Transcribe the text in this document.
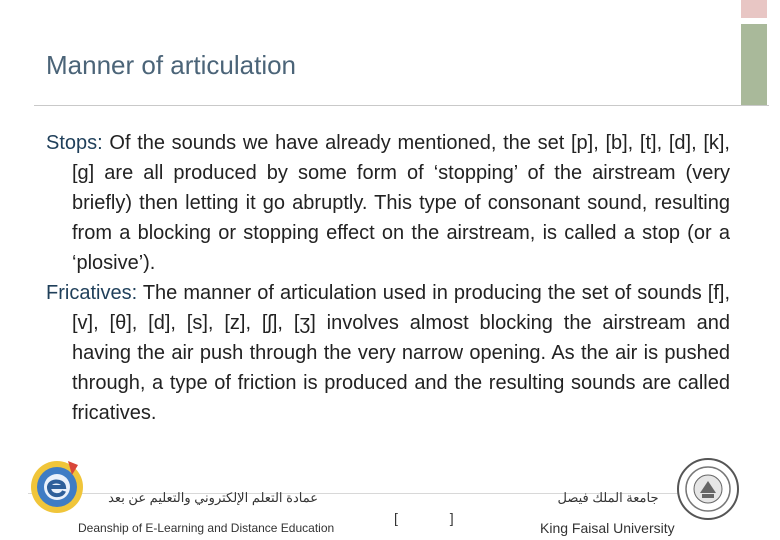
Manner of articulation

Stops: Of the sounds we have already mentioned, the set [p], [b], [t], [d], [k], [g] are all produced by some form of ‘stopping’ of the airstream (very briefly) then letting it go abruptly. This type of consonant sound, resulting from a blocking or stopping effect on the airstream, is called a stop (or a ‘plosive’).

Fricatives: The manner of articulation used in producing the set of sounds [f], [v], [θ], [d], [s], [z], [ʃ], [ʒ] involves almost blocking the airstream and having the air push through the very narrow opening. As the air is pushed through, a type of friction is produced and the resulting sounds are called fricatives.

عمادة التعلم الإلكتروني والتعليم عن بعد
Deanship of E-Learning and Distance Education
[ ]
جامعة الملك فيصل
King Faisal University
